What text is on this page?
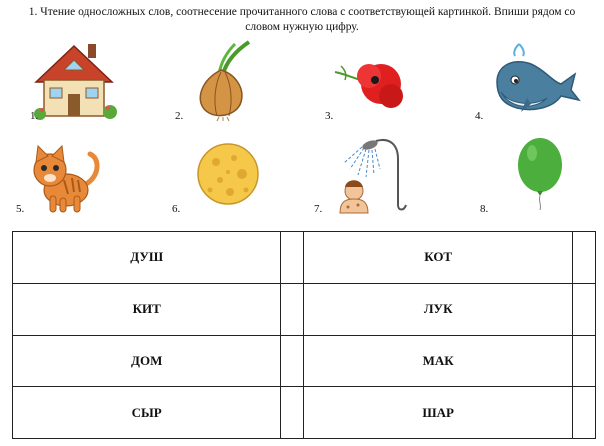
1. Чтение односложных слов, соотнесение прочитанного слова с соответствующей картинкой. Впиши рядом со
словом нужную цифру.
1.	2.	3.	4.
5.	6.	7.	8.
ДУШ		КОТ	
КИТ		ЛУК	
ДОМ		МАК	
СЫР		ШАР	
